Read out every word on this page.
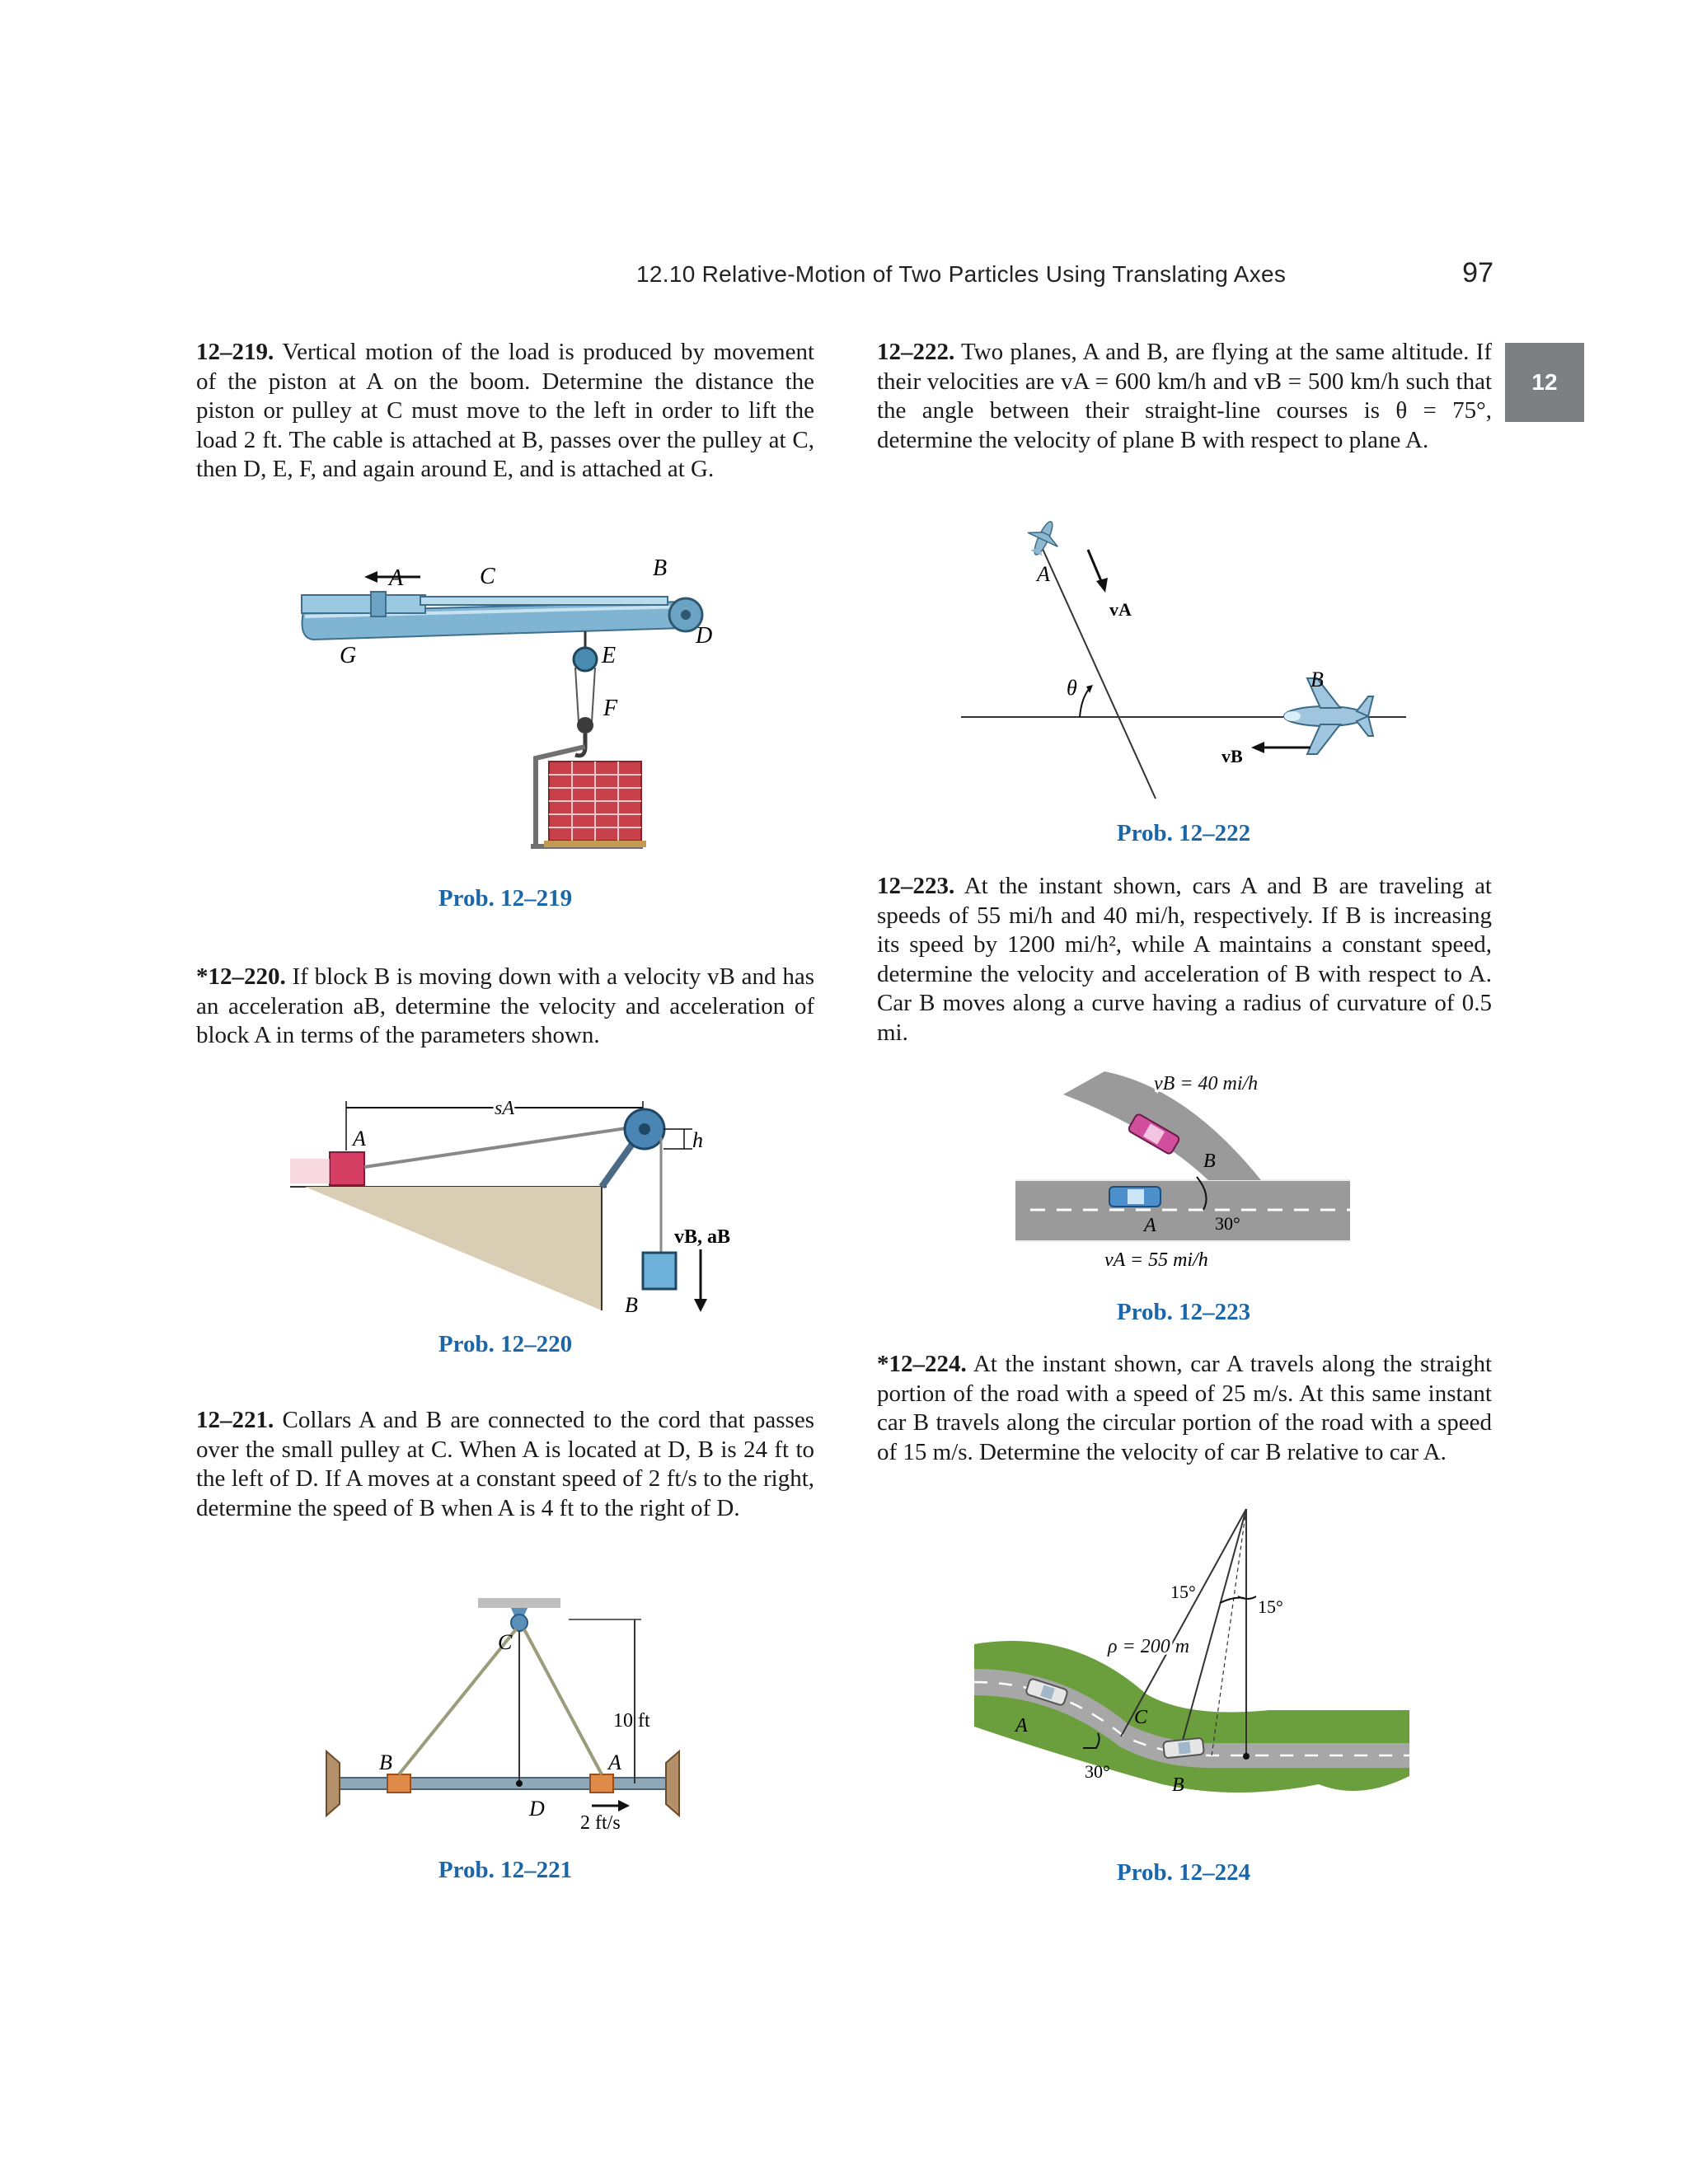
12.10 Relative-Motion of Two Particles Using Translating Axes	97
12
12–219. Vertical motion of the load is produced by movement of the piston at A on the boom. Determine the distance the piston or pulley at C must move to the left in order to lift the load 2 ft. The cable is attached at B, passes over the pulley at C, then D, E, F, and again around E, and is attached at G.
A	C	B
D
G	E
F
Prob. 12–219
*12–220. If block B is moving down with a velocity vB and has an acceleration aB, determine the velocity and acceleration of block A in terms of the parameters shown.
A
sA
h
vB, aB
B
Prob. 12–220
12–221. Collars A and B are connected to the cord that passes over the small pulley at C. When A is located at D, B is 24 ft to the left of D. If A moves at a constant speed of 2 ft/s to the right, determine the speed of B when A is 4 ft to the right of D.
C
10 ft
B	A
D
2 ft/s
Prob. 12–221
12–222. Two planes, A and B, are flying at the same altitude. If their velocities are vA = 600 km/h and vB = 500 km/h such that the angle between their straight-line courses is θ = 75°, determine the velocity of plane B with respect to plane A.
A
vA
θ	B
vB
Prob. 12–222
12–223. At the instant shown, cars A and B are traveling at speeds of 55 mi/h and 40 mi/h, respectively. If B is increasing its speed by 1200 mi/h², while A maintains a constant speed, determine the velocity and acceleration of B with respect to A. Car B moves along a curve having a radius of curvature of 0.5 mi.
vB = 40 mi/h
B
A	30°
vA = 55 mi/h
Prob. 12–223
*12–224. At the instant shown, car A travels along the straight portion of the road with a speed of 25 m/s. At this same instant car B travels along the circular portion of the road with a speed of 15 m/s. Determine the velocity of car B relative to car A.
15°
15°
ρ = 200 m
A	C
30°
B
Prob. 12–224
